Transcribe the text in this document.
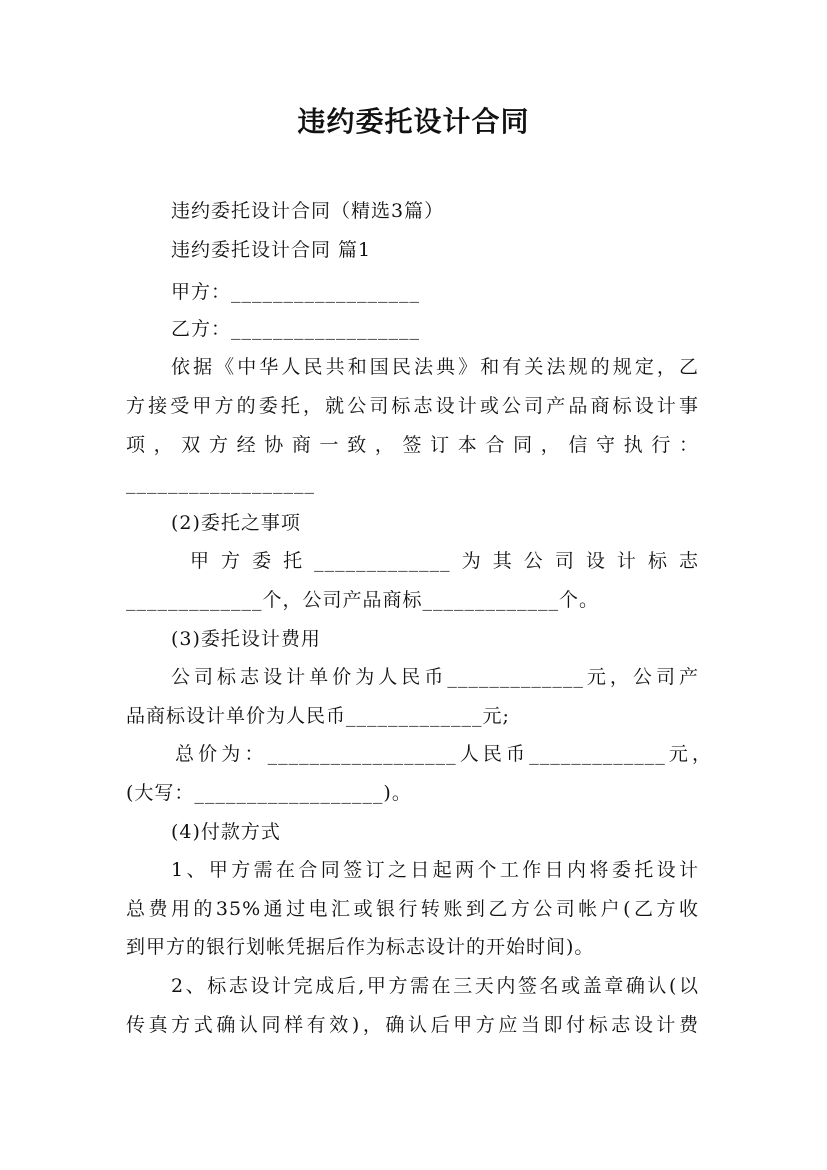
违约委托设计合同
违约委托设计合同（精选3篇）
违约委托设计合同 篇1
甲方：__________________
乙方：__________________
依据《中华人民共和国民法典》和有关法规的规定，乙
方接受甲方的委托，就公司标志设计或公司产品商标设计事
项，双方经协商一致，签订本合同，信守执行：
__________________
(2)委托之事项
甲方委托_____________为其公司设计标志
_____________个，公司产品商标_____________个。
(3)委托设计费用
公司标志设计单价为人民币_____________元，公司产
品商标设计单价为人民币_____________元;
总价为：__________________人民币_____________元，
(大写：__________________)。
(4)付款方式
1、甲方需在合同签订之日起两个工作日内将委托设计
总费用的35%通过电汇或银行转账到乙方公司帐户(乙方收
到甲方的银行划帐凭据后作为标志设计的开始时间)。
2、标志设计完成后,甲方需在三天内签名或盖章确认(以
传真方式确认同样有效)，确认后甲方应当即付标志设计费
